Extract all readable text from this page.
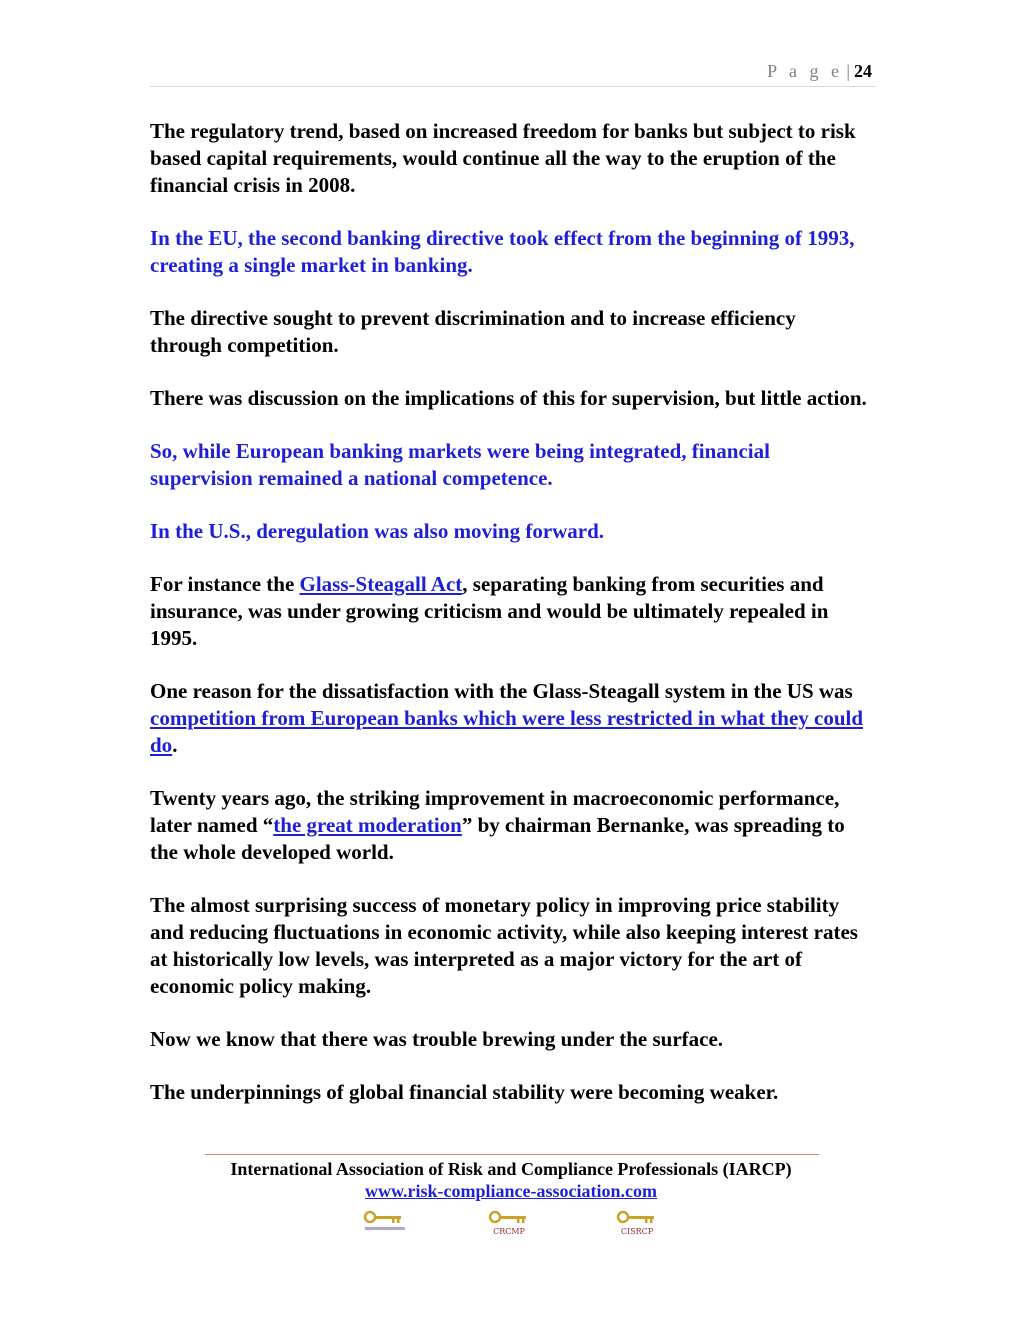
P a g e | 24

The regulatory trend, based on increased freedom for banks but subject to risk based capital requirements, would continue all the way to the eruption of the financial crisis in 2008.

In the EU, the second banking directive took effect from the beginning of 1993, creating a single market in banking.

The directive sought to prevent discrimination and to increase efficiency through competition.

There was discussion on the implications of this for supervision, but little action.

So, while European banking markets were being integrated, financial supervision remained a national competence.

In the U.S., deregulation was also moving forward.

For instance the Glass-Steagall Act, separating banking from securities and insurance, was under growing criticism and would be ultimately repealed in 1995.

One reason for the dissatisfaction with the Glass-Steagall system in the US was competition from European banks which were less restricted in what they could do.

Twenty years ago, the striking improvement in macroeconomic performance, later named “the great moderation” by chairman Bernanke, was spreading to the whole developed world.

The almost surprising success of monetary policy in improving price stability and reducing fluctuations in economic activity, while also keeping interest rates at historically low levels, was interpreted as a major victory for the art of economic policy making.

Now we know that there was trouble brewing under the surface.

The underpinnings of global financial stability were becoming weaker.

International Association of Risk and Compliance Professionals (IARCP)
www.risk-compliance-association.com
CRCMP	CISRCP
